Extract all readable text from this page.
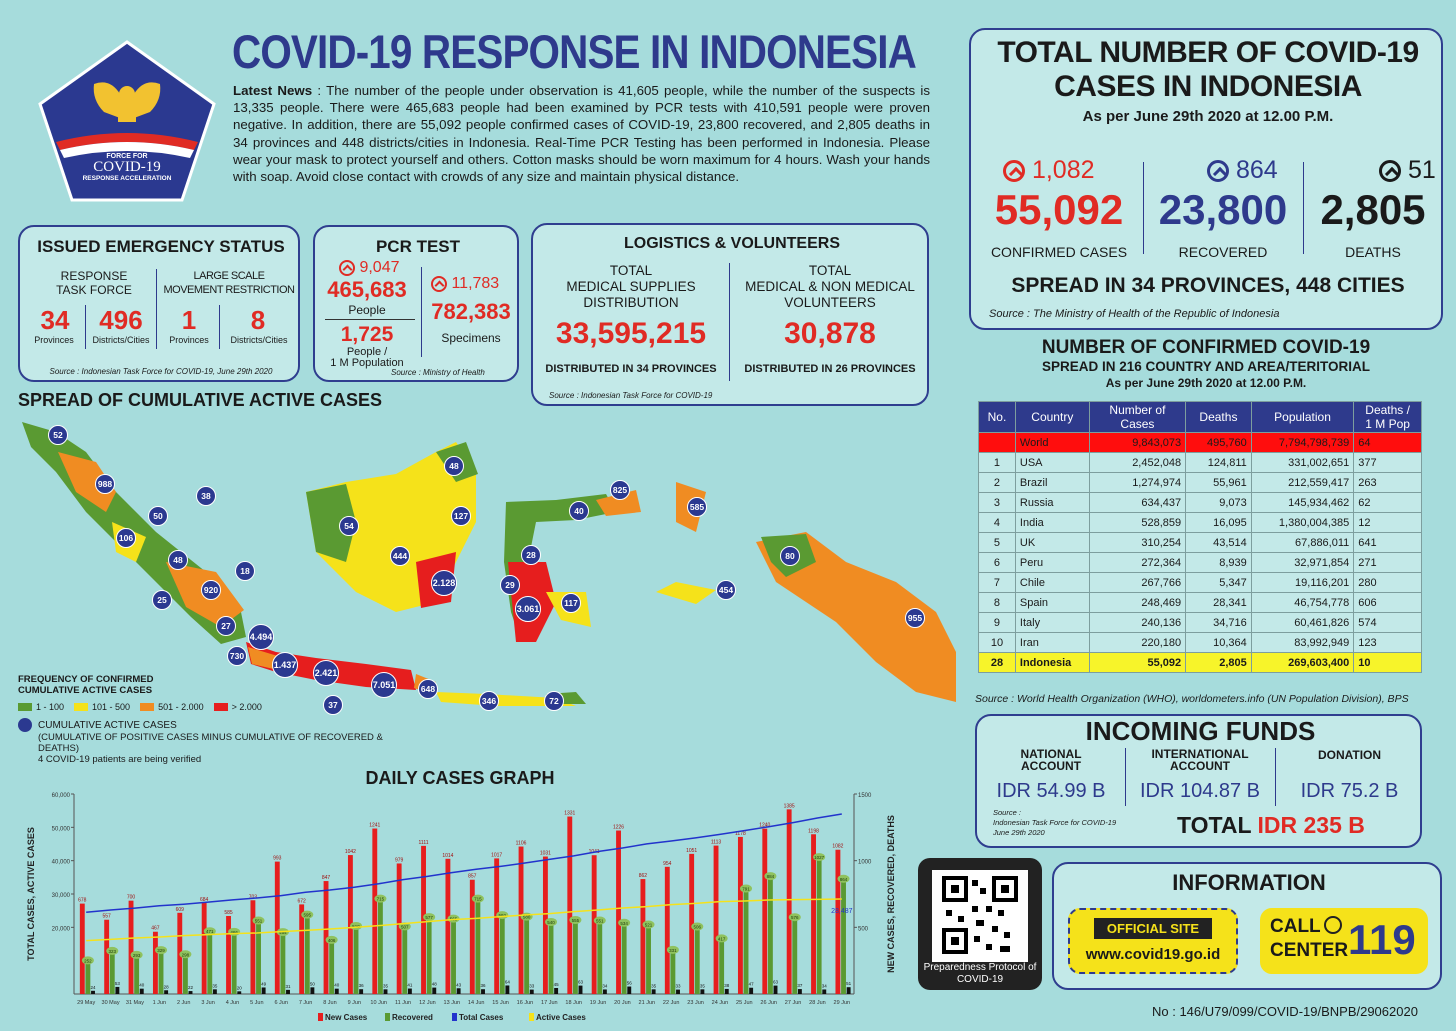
INDONESIAN TASK
FORCE FOR
COVID-19
RESPONSE ACCELERATION
COVID-19 RESPONSE IN INDONESIA
Latest News : The number of the people under observation is 41,605 people, while the number of the suspects is 13,335 people. There were 465,683 people had been examined by PCR tests with 410,591 people were proven negative. In addition, there are 55,092 people confirmed cases of COVID-19, 23,800 recovered, and 2,805 deaths in 34 provinces and 448 districts/cities in Indonesia. Real-Time PCR Testing has been performed in Indonesia. Please wear your mask to protect yourself and others. Cotton masks should be worn maximum for 4 hours. Wash your hands with soap. Avoid close contact with crowds of any size and maintain physical distance.
ISSUED EMERGENCY STATUS
RESPONSE
TASK FORCE
LARGE SCALE
MOVEMENT RESTRICTION
34
Provinces
496
Districts/Cities
1
Provinces
8
Districts/Cities
Source : Indonesian Task Force for COVID-19, June 29th 2020
PCR TEST
9,047
465,683
People
1,725
People /
1 M Population
11,783
782,383
Specimens
Source : Ministry of Health
LOGISTICS & VOLUNTEERS
TOTAL
MEDICAL SUPPLIES
DISTRIBUTION
33,595,215
DISTRIBUTED IN 34 PROVINCES
TOTAL
MEDICAL & NON MEDICAL
VOLUNTEERS
30,878
DISTRIBUTED IN 26 PROVINCES
Source : Indonesian Task Force for COVID-19
TOTAL NUMBER OF COVID-19
CASES IN INDONESIA
As per June 29th 2020 at 12.00 P.M.
1,082
55,092
CONFIRMED CASES
864
23,800
RECOVERED
51
2,805
DEATHS
SPREAD IN 34 PROVINCES, 448 CITIES
Source : The Ministry of Health of the Republic of Indonesia
NUMBER OF CONFIRMED COVID-19
SPREAD IN 216 COUNTRY AND AREA/TERITORIAL
As per June 29th 2020 at 12.00 P.M.
No.	Country	Number of Cases	Deaths	Population	Deaths /
1 M Pop
	World	9,843,073	495,760	7,794,798,739	64
1	USA	2,452,048	124,811	331,002,651	377
2	Brazil	1,274,974	55,961	212,559,417	263
3	Russia	634,437	9,073	145,934,462	62
4	India	528,859	16,095	1,380,004,385	12
5	UK	310,254	43,514	67,886,011	641
6	Peru	272,364	8,939	32,971,854	271
7	Chile	267,766	5,347	19,116,201	280
8	Spain	248,469	28,341	46,754,778	606
9	Italy	240,136	34,716	60,461,826	574
10	Iran	220,180	10,364	83,992,949	123
28	Indonesia	55,092	2,805	269,603,400	10
Source : World Health Organization (WHO), worldometers.info (UN Population Division), BPS
INCOMING FUNDS
NATIONAL
ACCOUNT
IDR 54.99 B
INTERNATIONAL
ACCOUNT
IDR 104.87 B
DONATION
IDR 75.2 B
Source :
Indonesian Task Force for COVID-19
June 29th 2020	TOTAL IDR 235 B
Preparedness Protocol of
COVID-19
INFORMATION
OFFICIAL SITE
www.covid19.go.id
CALL
CENTER 119
No : 146/U79/099/COVID-19/BNPB/29062020
SPREAD OF CUMULATIVE ACTIVE CASES
52
988
38
50
106
48
18
920
25
27
4.494
730
1.437
2.421
37
7.051	648
346	72
54
444
48
127
2.128	29
28
3.061
117
40
825
585
454
80
955
FREQUENCY OF CONFIRMED
CUMULATIVE ACTIVE CASES
1 - 100	101 - 500	501 - 2.000	> 2.000
CUMULATIVE ACTIVE CASES
(CUMULATIVE OF POSITIVE CASES MINUS CUMULATIVE OF RECOVERED & DEATHS)
4 COVID-19 patients are being verified
DAILY CASES GRAPH
60,000
50,000
40,000
30,000
20,000
1500
1000
500
TOTAL CASES, ACTIVE CASES	NEW CASES, RECOVERED, DEATHS
678
252
24
29 May
557
323
53
30 May
700
293
40
31 May
467
329
28
1 Jun
609
298
22
2 Jun
684
471
35
3 Jun
585
466
20
4 Jun
703
551
49
5 Jun
993
464
31
6 Jun
672
595
50
7 Jun
847
406
40
8 Jun
1042
510
36
9 Jun
1241
715
35
10 Jun
979
507
41
11 Jun
1111
577
48
12 Jun
1014
565
43
13 Jun
857
715
36
14 Jun
1017
592
64
15 Jun
1106
580
33
16 Jun
1031
540
45
17 Jun
1331
555
63
18 Jun
1041
551
34
19 Jun
1226
534
56
20 Jun
862
521
35
21 Jun
954
331
33
22 Jun
1051
506
35
23 Jun
1113
417
38
24 Jun
1178
791
47
25 Jun
1240
884
63
26 Jun
1385
576
37
27 Jun
1198
1027
34
28 Jun
1082
864
51
29 Jun
28,487
New Cases	Recovered	Total Cases	Active Cases
